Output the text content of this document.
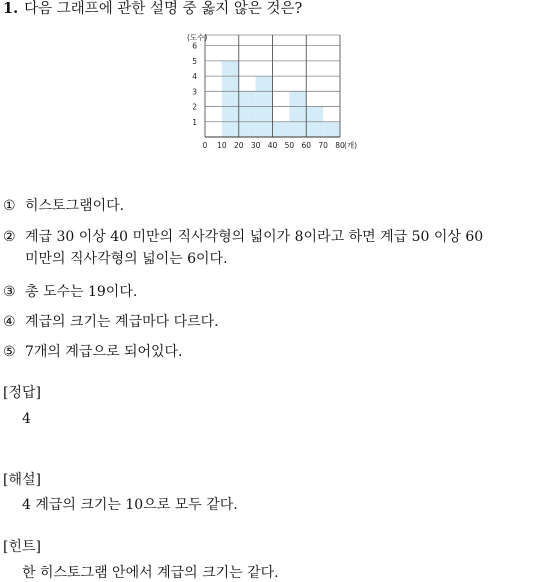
1. 다음 그래프에 관한 설명 중 옳지 않은 것은?
1
2
3
4
5
6
0 10 20 30 40 50 60 70 80
(도수)
(개)
① 히스토그램이다.
② 계급 30 이상 40 미만의 직사각형의 넓이가 8이라고 하면 계급 50 이상 60
미만의 직사각형의 넓이는 6이다.
③ 총 도수는 19이다.
④ 계급의 크기는 계급마다 다르다.
⑤ 7개의 계급으로 되어있다.
[정답]
4
[해설]
4 계급의 크기는 10으로 모두 같다.
[힌트]
한 히스토그램 안에서 계급의 크기는 같다.
